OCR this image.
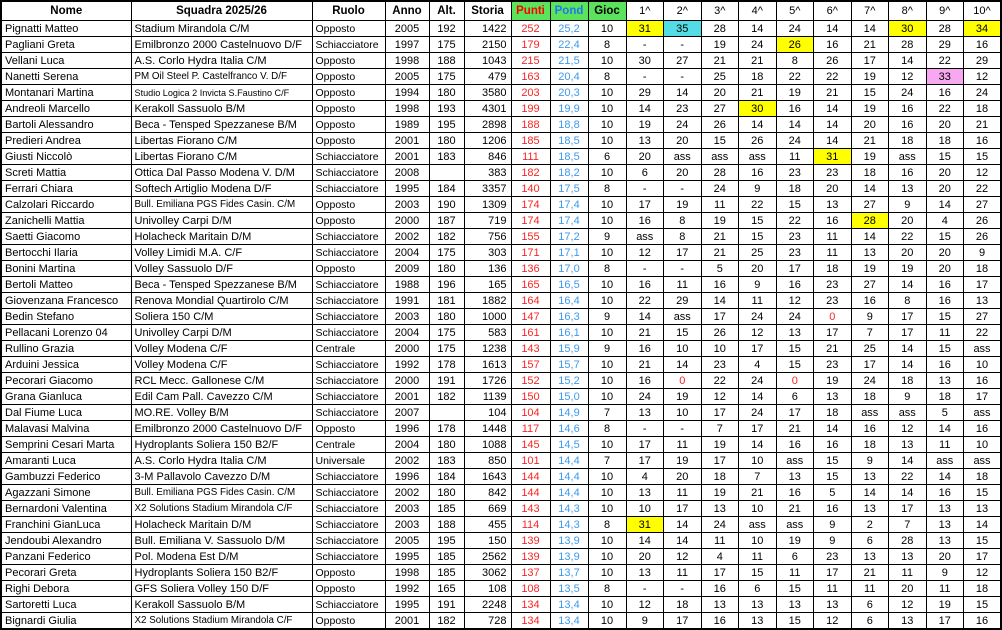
Nome	Squadra 2025/26	Ruolo	Anno	Alt.	Storia	Punti	Pond	Gioc	1^	2^	3^	4^	5^	6^	7^	8^	9^	10^
Pignatti Matteo	Stadium Mirandola C/M	Opposto	2005	192	1422	252	25,2	10	31	35	28	14	24	14	14	30	28	34
Pagliani Greta	Emilbronzo 2000 Castelnuovo D/F	Schiacciatore	1997	175	2150	179	22,4	8	-	-	19	24	26	16	21	28	29	16
Vellani Luca	A.S. Corlo Hydra Italia C/M	Opposto	1998	188	1043	215	21,5	10	30	27	21	21	8	26	17	14	22	29
Nanetti Serena	PM Oil Steel P. Castelfranco V. D/F	Opposto	2005	175	479	163	20,4	8	-	-	25	18	22	22	19	12	33	12
Montanari Martina	Studio Logica 2 Invicta S.Faustino C/F	Opposto	1994	180	3580	203	20,3	10	29	14	20	21	19	21	15	24	16	24
Andreoli Marcello	Kerakoll Sassuolo B/M	Opposto	1998	193	4301	199	19,9	10	14	23	27	30	16	14	19	16	22	18
Bartoli Alessandro	Beca - Tensped Spezzanese B/M	Opposto	1989	195	2898	188	18,8	10	19	24	26	14	14	14	20	16	20	21
Predieri Andrea	Libertas Fiorano C/M	Opposto	2001	180	1206	185	18,5	10	13	20	15	26	24	14	21	18	18	16
Giusti Niccolò	Libertas Fiorano C/M	Schiacciatore	2001	183	846	111	18,5	6	20	ass	ass	ass	11	31	19	ass	15	15
Screti Mattia	Ottica Dal Passo Modena V. D/M	Schiacciatore	2008		383	182	18,2	10	6	20	28	16	23	23	18	16	20	12
Ferrari Chiara	Softech Artiglio Modena D/F	Schiacciatore	1995	184	3357	140	17,5	8	-	-	24	9	18	20	14	13	20	22
Calzolari Riccardo	Bull. Emiliana PGS Fides Casin. C/M	Opposto	2003	190	1309	174	17,4	10	17	19	11	22	15	13	27	9	14	27
Zanichelli Mattia	Univolley Carpi D/M	Opposto	2000	187	719	174	17,4	10	16	8	19	15	22	16	28	20	4	26
Saetti Giacomo	Holacheck Maritain D/M	Schiacciatore	2002	182	756	155	17,2	9	ass	8	21	15	23	11	14	22	15	26
Bertocchi Ilaria	Volley Limidi M.A. C/F	Schiacciatore	2004	175	303	171	17,1	10	12	17	21	25	23	11	13	20	20	9
Bonini Martina	Volley Sassuolo D/F	Opposto	2009	180	136	136	17,0	8	-	-	5	20	17	18	19	19	20	18
Bertoli Matteo	Beca - Tensped Spezzanese B/M	Schiacciatore	1988	196	165	165	16,5	10	16	11	16	9	16	23	27	14	16	17
Giovenzana Francesco	Renova Mondial Quartirolo C/M	Schiacciatore	1991	181	1882	164	16,4	10	22	29	14	11	12	23	16	8	16	13
Bedin Stefano	Soliera 150 C/M	Schiacciatore	2003	180	1000	147	16,3	9	14	ass	17	24	24	0	9	17	15	27
Pellacani Lorenzo 04	Univolley Carpi D/M	Schiacciatore	2004	175	583	161	16,1	10	21	15	26	12	13	17	7	17	11	22
Rullino Grazia	Volley Modena C/F	Centrale	2000	175	1238	143	15,9	9	16	10	10	17	15	21	25	14	15	ass
Arduini Jessica	Volley Modena C/F	Schiacciatore	1992	178	1613	157	15,7	10	21	14	23	4	15	23	17	14	16	10
Pecorari Giacomo	RCL Mecc. Gallonese C/M	Schiacciatore	2000	191	1726	152	15,2	10	16	0	22	24	0	19	24	18	13	16
Grana Gianluca	Edil Cam Pall. Cavezzo C/M	Schiacciatore	2001	182	1139	150	15,0	10	24	19	12	14	6	13	18	9	18	17
Dal Fiume Luca	MO.RE. Volley B/M	Schiacciatore	2007		104	104	14,9	7	13	10	17	24	17	18	ass	ass	5	ass
Malavasi Malvina	Emilbronzo 2000 Castelnuovo D/F	Opposto	1996	178	1448	117	14,6	8	-	-	7	17	21	14	16	12	14	16
Semprini Cesari Marta	Hydroplants Soliera 150 B2/F	Centrale	2004	180	1088	145	14,5	10	17	11	19	14	16	16	18	13	11	10
Amaranti Luca	A.S. Corlo Hydra Italia C/M	Universale	2002	183	850	101	14,4	7	17	19	17	10	ass	15	9	14	ass	ass
Gambuzzi Federico	3-M Pallavolo Cavezzo D/M	Schiacciatore	1996	184	1643	144	14,4	10	4	20	18	7	13	15	13	22	14	18
Agazzani Simone	Bull. Emiliana PGS Fides Casin. C/M	Schiacciatore	2002	180	842	144	14,4	10	13	11	19	21	16	5	14	14	16	15
Bernardoni Valentina	X2 Solutions Stadium Mirandola C/F	Schiacciatore	2003	185	669	143	14,3	10	10	17	13	10	21	16	13	17	13	13
Franchini GianLuca	Holacheck Maritain D/M	Schiacciatore	2003	188	455	114	14,3	8	31	14	24	ass	ass	9	2	7	13	14
Jendoubi Alexandro	Bull. Emiliana V. Sassuolo D/M	Schiacciatore	2005	195	150	139	13,9	10	14	14	11	10	19	9	6	28	13	15
Panzani Federico	Pol. Modena Est D/M	Schiacciatore	1995	185	2562	139	13,9	10	20	12	4	11	6	23	13	13	20	17
Pecorari Greta	Hydroplants Soliera 150 B2/F	Opposto	1998	185	3062	137	13,7	10	13	11	17	15	11	17	21	11	9	12
Righi Debora	GFS Soliera Volley 150 D/F	Opposto	1992	165	108	108	13,5	8	-	-	16	6	15	11	11	20	11	18
Sartoretti Luca	Kerakoll Sassuolo B/M	Schiacciatore	1995	191	2248	134	13,4	10	12	18	13	13	13	13	6	12	19	15
Bignardi Giulia	X2 Solutions Stadium Mirandola C/F	Opposto	2001	182	728	134	13,4	10	9	17	16	13	15	12	6	13	17	16
